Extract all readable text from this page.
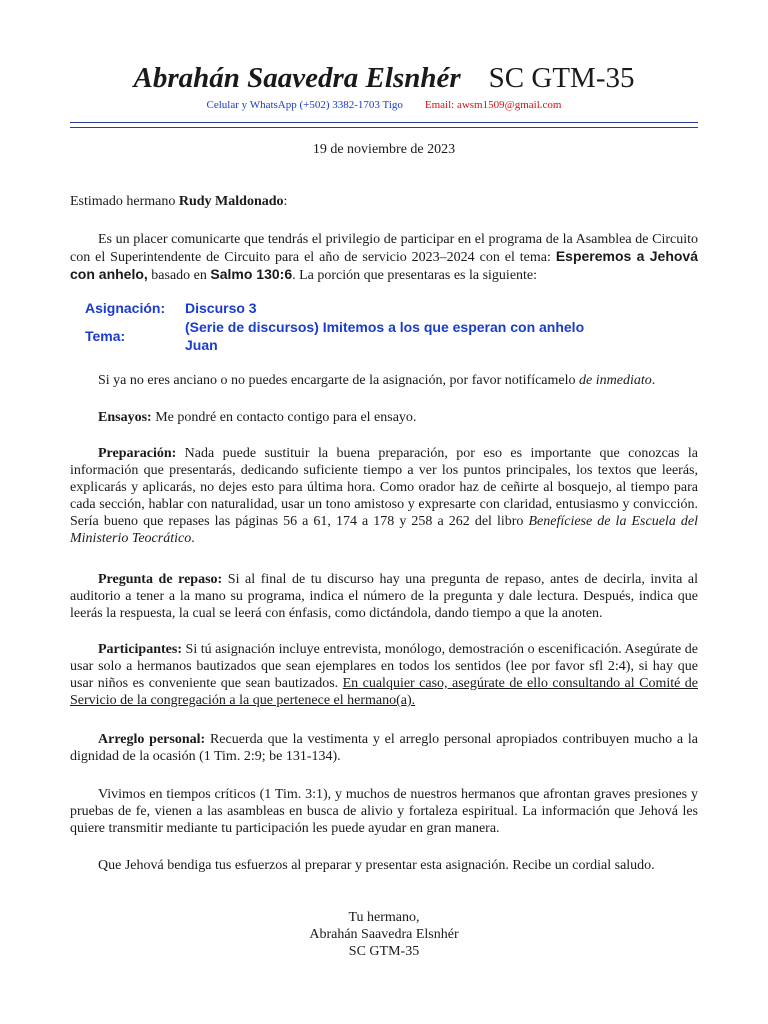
Abrahán Saavedra Elsnhér SC GTM-35
Celular y WhatsApp (+502) 3382-1703 Tigo Email: awsm1509@gmail.com
19 de noviembre de 2023
Estimado hermano Rudy Maldonado:
Es un placer comunicarte que tendrás el privilegio de participar en el programa de la Asamblea de Circuito con el Superintendente de Circuito para el año de servicio 2023–2024 con el tema: Esperemos a Jehová con anhelo, basado en Salmo 130:6. La porción que presentaras es la siguiente:
Asignación: Discurso 3
Tema:
(Serie de discursos) Imitemos a los que esperan con anhelo
Juan
Si ya no eres anciano o no puedes encargarte de la asignación, por favor notifícamelo de inmediato.
Ensayos: Me pondré en contacto contigo para el ensayo.
Preparación: Nada puede sustituir la buena preparación, por eso es importante que conozcas la información que presentarás, dedicando suficiente tiempo a ver los puntos principales, los textos que leerás, explicarás y aplicarás, no dejes esto para última hora. Como orador haz de ceñirte al bosquejo, al tiempo para cada sección, hablar con naturalidad, usar un tono amistoso y expresarte con claridad, entusiasmo y convicción. Sería bueno que repases las páginas 56 a 61, 174 a 178 y 258 a 262 del libro Benefíciese de la Escuela del Ministerio Teocrático.
Pregunta de repaso: Si al final de tu discurso hay una pregunta de repaso, antes de decirla, invita al auditorio a tener a la mano su programa, indica el número de la pregunta y dale lectura. Después, indica que leerás la respuesta, la cual se leerá con énfasis, como dictándola, dando tiempo a que la anoten.
Participantes: Si tú asignación incluye entrevista, monólogo, demostración o escenificación. Asegúrate de usar solo a hermanos bautizados que sean ejemplares en todos los sentidos (lee por favor sfl 2:4), si hay que usar niños es conveniente que sean bautizados. En cualquier caso, asegúrate de ello consultando al Comité de Servicio de la congregación a la que pertenece el hermano(a).
Arreglo personal: Recuerda que la vestimenta y el arreglo personal apropiados contribuyen mucho a la dignidad de la ocasión (1 Tim. 2:9; be 131-134).
Vivimos en tiempos críticos (1 Tim. 3:1), y muchos de nuestros hermanos que afrontan graves presiones y pruebas de fe, vienen a las asambleas en busca de alivio y fortaleza espiritual. La información que Jehová les quiere transmitir mediante tu participación les puede ayudar en gran manera.
Que Jehová bendiga tus esfuerzos al preparar y presentar esta asignación. Recibe un cordial saludo.
Tu hermano,
Abrahán Saavedra Elsnhér
SC GTM-35
